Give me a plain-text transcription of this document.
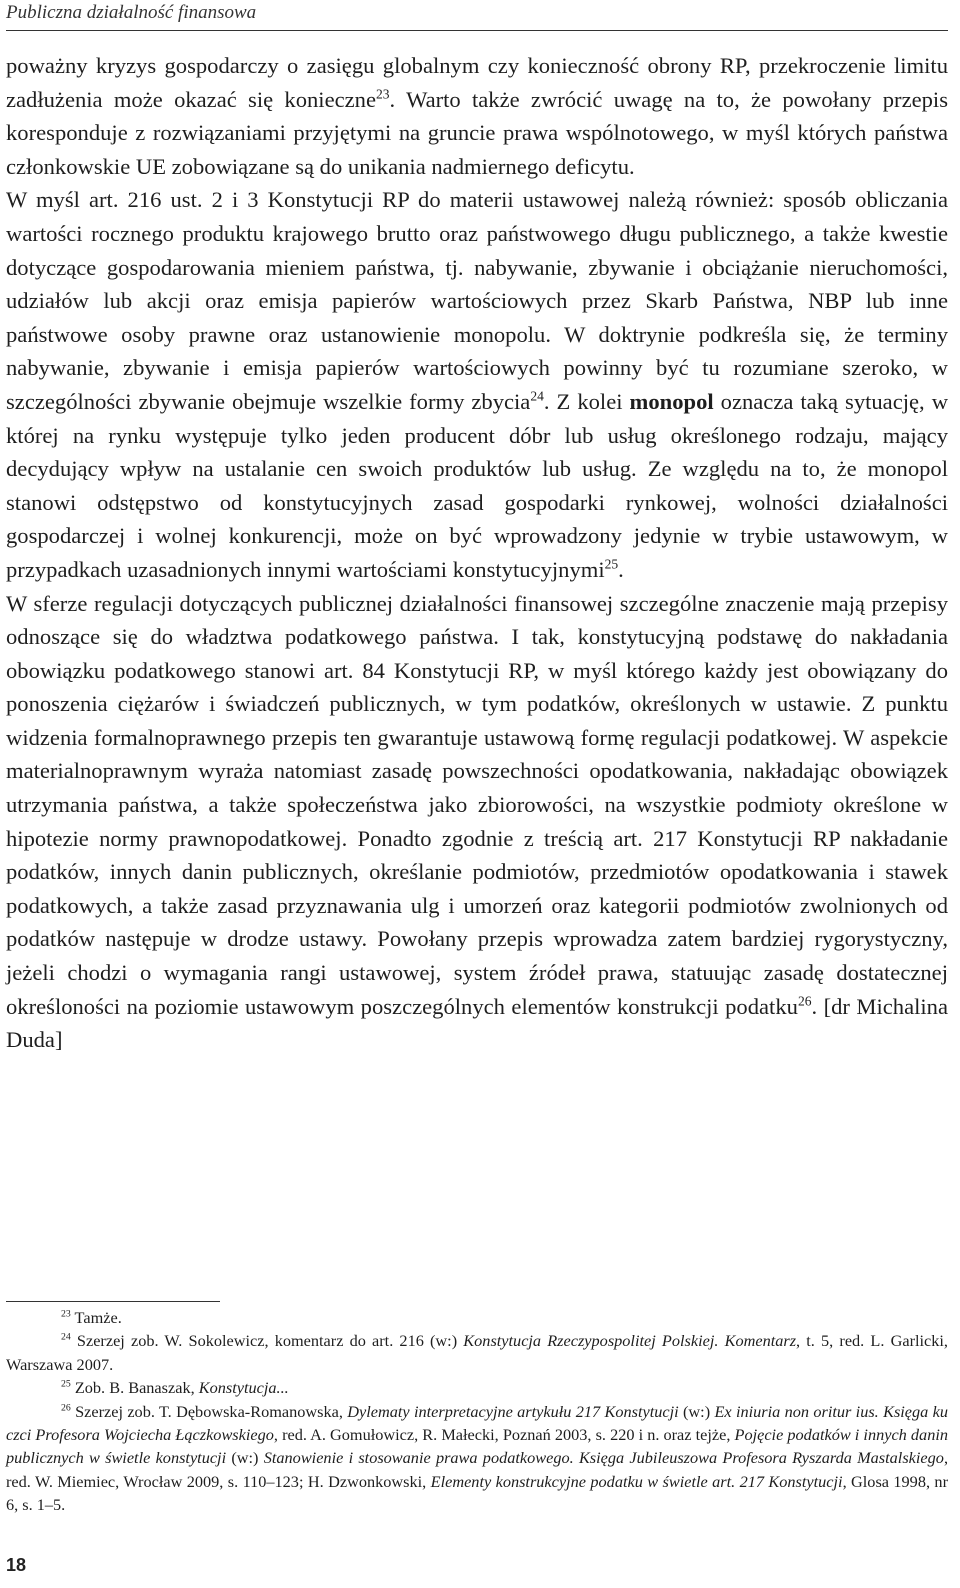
Publiczna działalność finansowa

poważny kryzys gospodarczy o zasięgu globalnym czy konieczność obrony RP, przekroczenie limitu zadłużenia może okazać się konieczne$^{23}$. Warto także zwrócić uwagę na to, że powołany przepis koresponduje z rozwiązaniami przyjętymi na gruncie prawa wspólnotowego, w myśl których państwa członkowskie UE zobowiązane są do unikania nadmiernego deficytu.

W myśl art. 216 ust. 2 i 3 Konstytucji RP do materii ustawowej należą również: sposób obliczania wartości rocznego produktu krajowego brutto oraz państwowego długu publicznego, a także kwestie dotyczące gospodarowania mieniem państwa, tj. nabywanie, zbywanie i obciążanie nieruchomości, udziałów lub akcji oraz emisja papierów wartościowych przez Skarb Państwa, NBP lub inne państwowe osoby prawne oraz ustanowienie monopolu. W doktrynie podkreśla się, że terminy nabywanie, zbywanie i emisja papierów wartościowych powinny być tu rozumiane szeroko, w szczególności zbywanie obejmuje wszelkie formy zbycia$^{24}$. Z kolei monopol oznacza taką sytuację, w której na rynku występuje tylko jeden producent dóbr lub usług określonego rodzaju, mający decydujący wpływ na ustalanie cen swoich produktów lub usług. Ze względu na to, że monopol stanowi odstępstwo od konstytucyjnych zasad gospodarki rynkowej, wolności działalności gospodarczej i wolnej konkurencji, może on być wprowadzony jedynie w trybie ustawowym, w przypadkach uzasadnionych innymi wartościami konstytucyjnymi$^{25}$.

W sferze regulacji dotyczących publicznej działalności finansowej szczególne znaczenie mają przepisy odnoszące się do władztwa podatkowego państwa. I tak, konstytucyjną podstawę do nakładania obowiązku podatkowego stanowi art. 84 Konstytucji RP, w myśl którego każdy jest obowiązany do ponoszenia ciężarów i świadczeń publicznych, w tym podatków, określonych w ustawie. Z punktu widzenia formalnoprawnego przepis ten gwarantuje ustawową formę regulacji podatkowej. W aspekcie materialnoprawnym wyraża natomiast zasadę powszechności opodatkowania, nakładając obowiązek utrzymania państwa, a także społeczeństwa jako zbiorowości, na wszystkie podmioty określone w hipotezie normy prawnopodatkowej. Ponadto zgodnie z treścią art. 217 Konstytucji RP nakładanie podatków, innych danin publicznych, określanie podmiotów, przedmiotów opodatkowania i stawek podatkowych, a także zasad przyznawania ulg i umorzeń oraz kategorii podmiotów zwolnionych od podatków następuje w drodze ustawy. Powołany przepis wprowadza zatem bardziej rygorystyczny, jeżeli chodzi o wymagania rangi ustawowej, system źródeł prawa, statuując zasadę dostatecznej określoności na poziomie ustawowym poszczególnych elementów konstrukcji podatku$^{26}$. [dr Michalina Duda]

$^{23}$ Tamże.

$^{24}$ Szerzej zob. W. Sokolewicz, komentarz do art. 216 (w:) Konstytucja Rzeczypospolitej Polskiej. Komentarz, t. 5, red. L. Garlicki, Warszawa 2007.

$^{25}$ Zob. B. Banaszak, Konstytucja...

$^{26}$ Szerzej zob. T. Dębowska-Romanowska, Dylematy interpretacyjne artykułu 217 Konstytucji (w:) Ex iniuria non oritur ius. Księga ku czci Profesora Wojciecha Łączkowskiego, red. A. Gomułowicz, R. Małecki, Poznań 2003, s. 220 i n. oraz tejże, Pojęcie podatków i innych danin publicznych w świetle konstytucji (w:) Stanowienie i stosowanie prawa podatkowego. Księga Jubileuszowa Profesora Ryszarda Mastalskiego, red. W. Miemiec, Wrocław 2009, s. 110–123; H. Dzwonkowski, Elementy konstrukcyjne podatku w świetle art. 217 Konstytucji, Glosa 1998, nr 6, s. 1–5.

18
